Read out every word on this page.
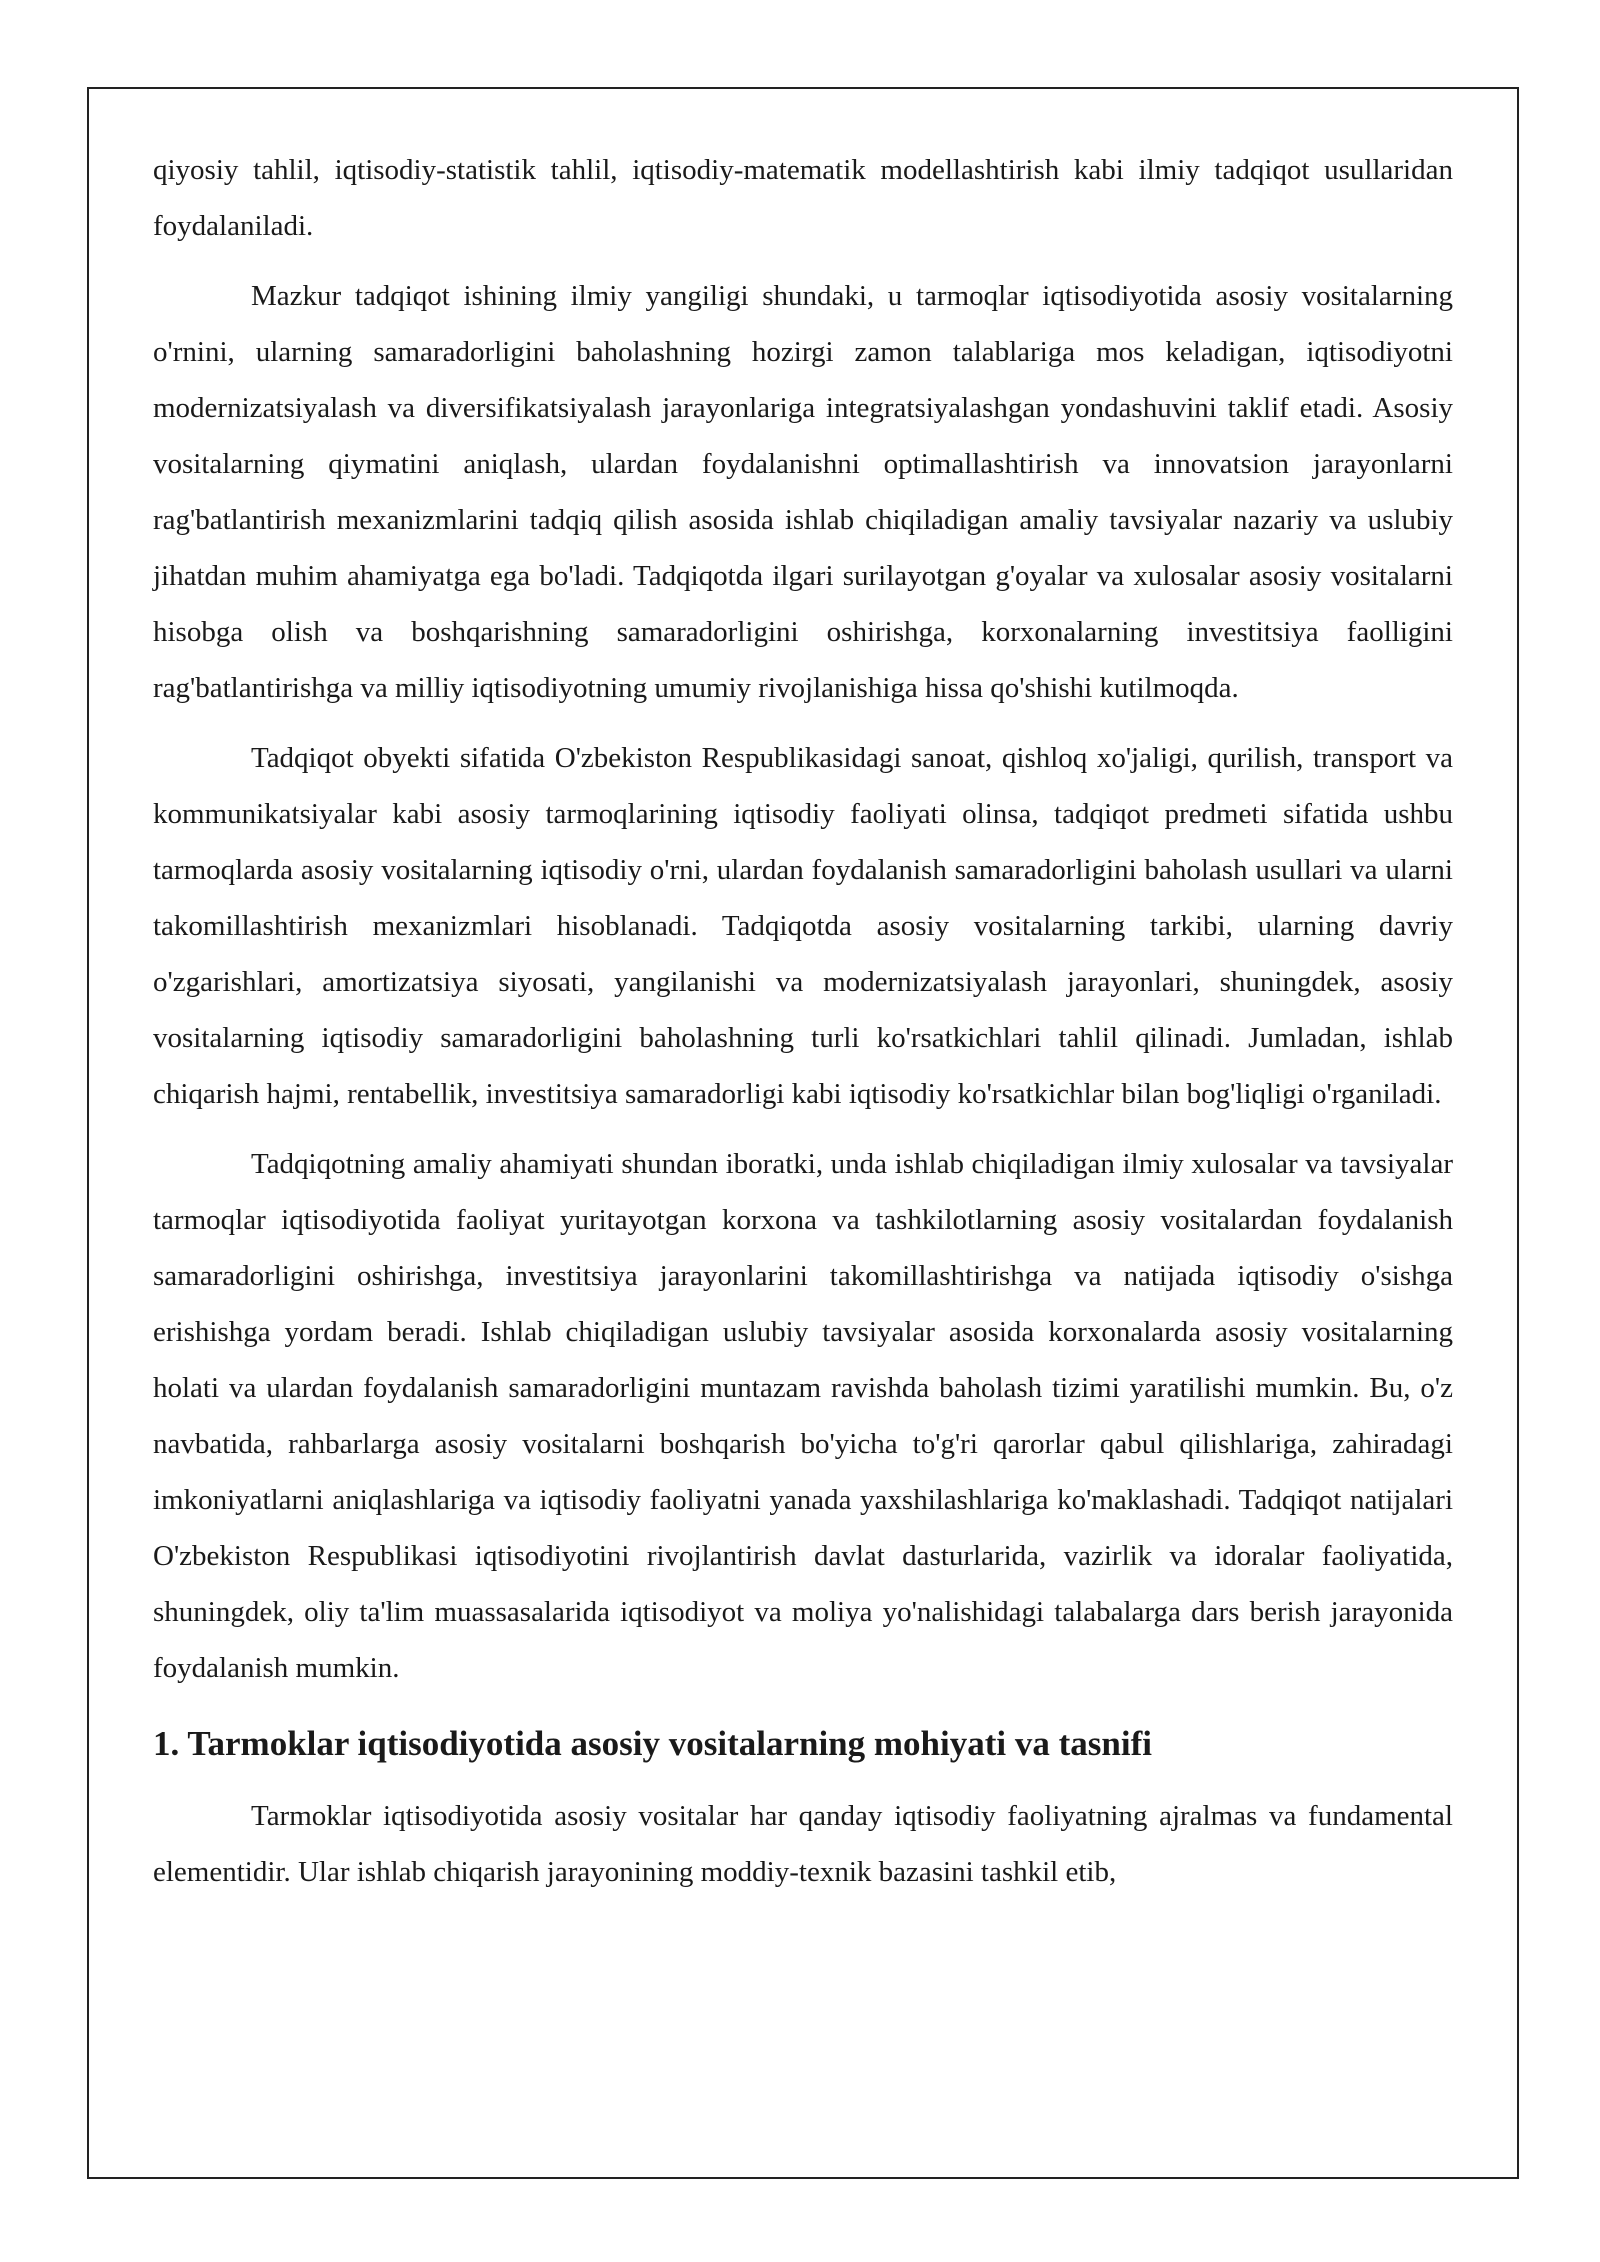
qiyosiy tahlil, iqtisodiy-statistik tahlil, iqtisodiy-matematik modellashtirish kabi ilmiy tadqiqot usullaridan foydalaniladi.

Mazkur tadqiqot ishining ilmiy yangiligi shundaki, u tarmoqlar iqtisodiyotida asosiy vositalarning o'rnini, ularning samaradorligini baholashning hozirgi zamon talablariga mos keladigan, iqtisodiyotni modernizatsiyalash va diversifikatsiyalash jarayonlariga integratsiyalashgan yondashuvini taklif etadi. Asosiy vositalarning qiymatini aniqlash, ulardan foydalanishni optimallashtirish va innovatsion jarayonlarni rag'batlantirish mexanizmlarini tadqiq qilish asosida ishlab chiqiladigan amaliy tavsiyalar nazariy va uslubiy jihatdan muhim ahamiyatga ega bo'ladi. Tadqiqotda ilgari surilayotgan g'oyalar va xulosalar asosiy vositalarni hisobga olish va boshqarishning samaradorligini oshirishga, korxonalarning investitsiya faolligini rag'batlantirishga va milliy iqtisodiyotning umumiy rivojlanishiga hissa qo'shishi kutilmoqda.

Tadqiqot obyekti sifatida O'zbekiston Respublikasidagi sanoat, qishloq xo'jaligi, qurilish, transport va kommunikatsiyalar kabi asosiy tarmoqlarining iqtisodiy faoliyati olinsa, tadqiqot predmeti sifatida ushbu tarmoqlarda asosiy vositalarning iqtisodiy o'rni, ulardan foydalanish samaradorligini baholash usullari va ularni takomillashtirish mexanizmlari hisoblanadi. Tadqiqotda asosiy vositalarning tarkibi, ularning davriy o'zgarishlari, amortizatsiya siyosati, yangilanishi va modernizatsiyalash jarayonlari, shuningdek, asosiy vositalarning iqtisodiy samaradorligini baholashning turli ko'rsatkichlari tahlil qilinadi. Jumladan, ishlab chiqarish hajmi, rentabellik, investitsiya samaradorligi kabi iqtisodiy ko'rsatkichlar bilan bog'liqligi o'rganiladi.

Tadqiqotning amaliy ahamiyati shundan iboratki, unda ishlab chiqiladigan ilmiy xulosalar va tavsiyalar tarmoqlar iqtisodiyotida faoliyat yuritayotgan korxona va tashkilotlarning asosiy vositalardan foydalanish samaradorligini oshirishga, investitsiya jarayonlarini takomillashtirishga va natijada iqtisodiy o'sishga erishishga yordam beradi. Ishlab chiqiladigan uslubiy tavsiyalar asosida korxonalarda asosiy vositalarning holati va ulardan foydalanish samaradorligini muntazam ravishda baholash tizimi yaratilishi mumkin. Bu, o'z navbatida, rahbarlarga asosiy vositalarni boshqarish bo'yicha to'g'ri qarorlar qabul qilishlariga, zahiradagi imkoniyatlarni aniqlashlariga va iqtisodiy faoliyatni yanada yaxshilashlariga ko'maklashadi. Tadqiqot natijalari O'zbekiston Respublikasi iqtisodiyotini rivojlantirish davlat dasturlarida, vazirlik va idoralar faoliyatida, shuningdek, oliy ta'lim muassasalarida iqtisodiyot va moliya yo'nalishidagi talabalarga dars berish jarayonida foydalanish mumkin.

1. Tarmoklar iqtisodiyotida asosiy vositalarning mohiyati va tasnifi

Tarmoklar iqtisodiyotida asosiy vositalar har qanday iqtisodiy faoliyatning ajralmas va fundamental elementidir. Ular ishlab chiqarish jarayonining moddiy-texnik bazasini tashkil etib,
